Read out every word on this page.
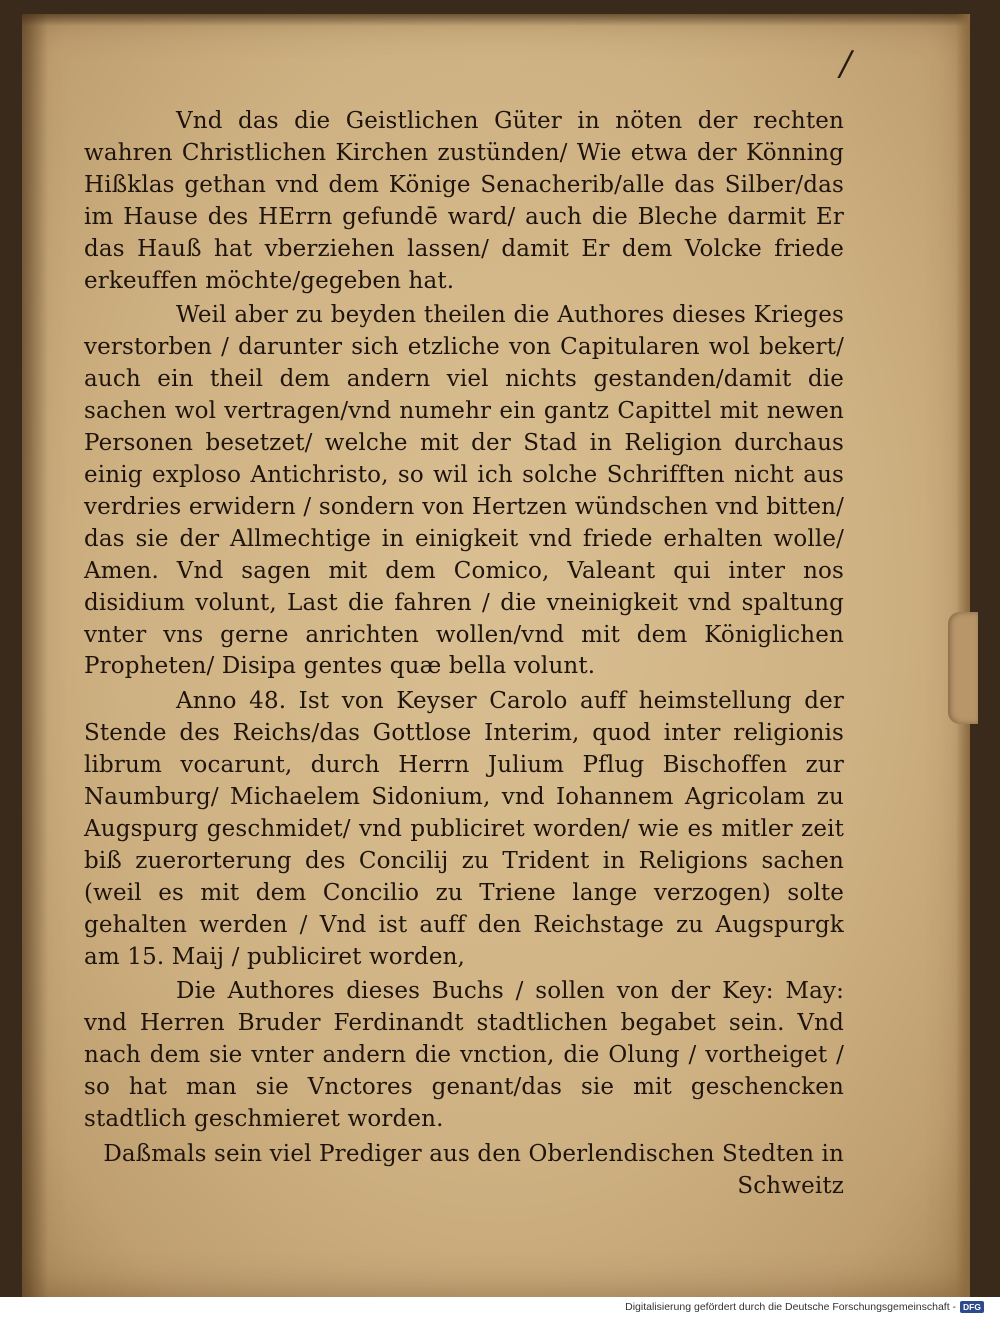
/

Vnd das die Geistlichen Güter in nöten der rechten wahren Christlichen Kirchen zustünden/ Wie etwa der Könning Hißklas gethan vnd dem Könige Senacherib/alle das Silber/das im Hause des HErrn gefundē ward/ auch die Bleche darmit Er das Hauß hat vberziehen lassen/ damit Er dem Volcke friede erkeuffen möchte/gegeben hat.

Weil aber zu beyden theilen die Authores dieses Krieges verstorben / darunter sich etzliche von Capitularen wol bekert/ auch ein theil dem andern viel nichts gestanden/damit die sachen wol vertragen/vnd numehr ein gantz Capittel mit newen Personen besetzet/ welche mit der Stad in Religion durchaus einig exploso Antichristo, so wil ich solche Schrifften nicht aus verdries erwidern / sondern von Hertzen wündschen vnd bitten/ das sie der Allmechtige in einigkeit vnd friede erhalten wolle/ Amen. Vnd sagen mit dem Comico, Valeant qui inter nos disidium volunt, Last die fahren / die vneinigkeit vnd spaltung vnter vns gerne anrichten wollen/vnd mit dem Königlichen Propheten/ Disipa gentes quæ bella volunt.

Anno 48. Ist von Keyser Carolo auff heimstellung der Stende des Reichs/das Gottlose Interim, quod inter religionis librum vocarunt, durch Herrn Julium Pflug Bischoffen zur Naumburg/ Michaelem Sidonium, vnd Iohannem Agricolam zu Augspurg geschmidet/ vnd publiciret worden/ wie es mitler zeit biß zuerorterung des Concilij zu Trident in Religions sachen (weil es mit dem Concilio zu Triene lange verzogen) solte gehalten werden / Vnd ist auff den Reichstage zu Augspurgk am 15. Maij / publiciret worden,

Die Authores dieses Buchs / sollen von der Key: May: vnd Herren Bruder Ferdinandt stadtlichen begabet sein. Vnd nach dem sie vnter andern die vnction, die Olung / vortheiget / so hat man sie Vnctores genant/das sie mit geschencken stadtlich geschmieret worden.

Daßmals sein viel Prediger aus den Oberlendischen Stedten in Schweitz

Digitalisierung gefördert durch die Deutsche Forschungsgemeinschaft - DFG
